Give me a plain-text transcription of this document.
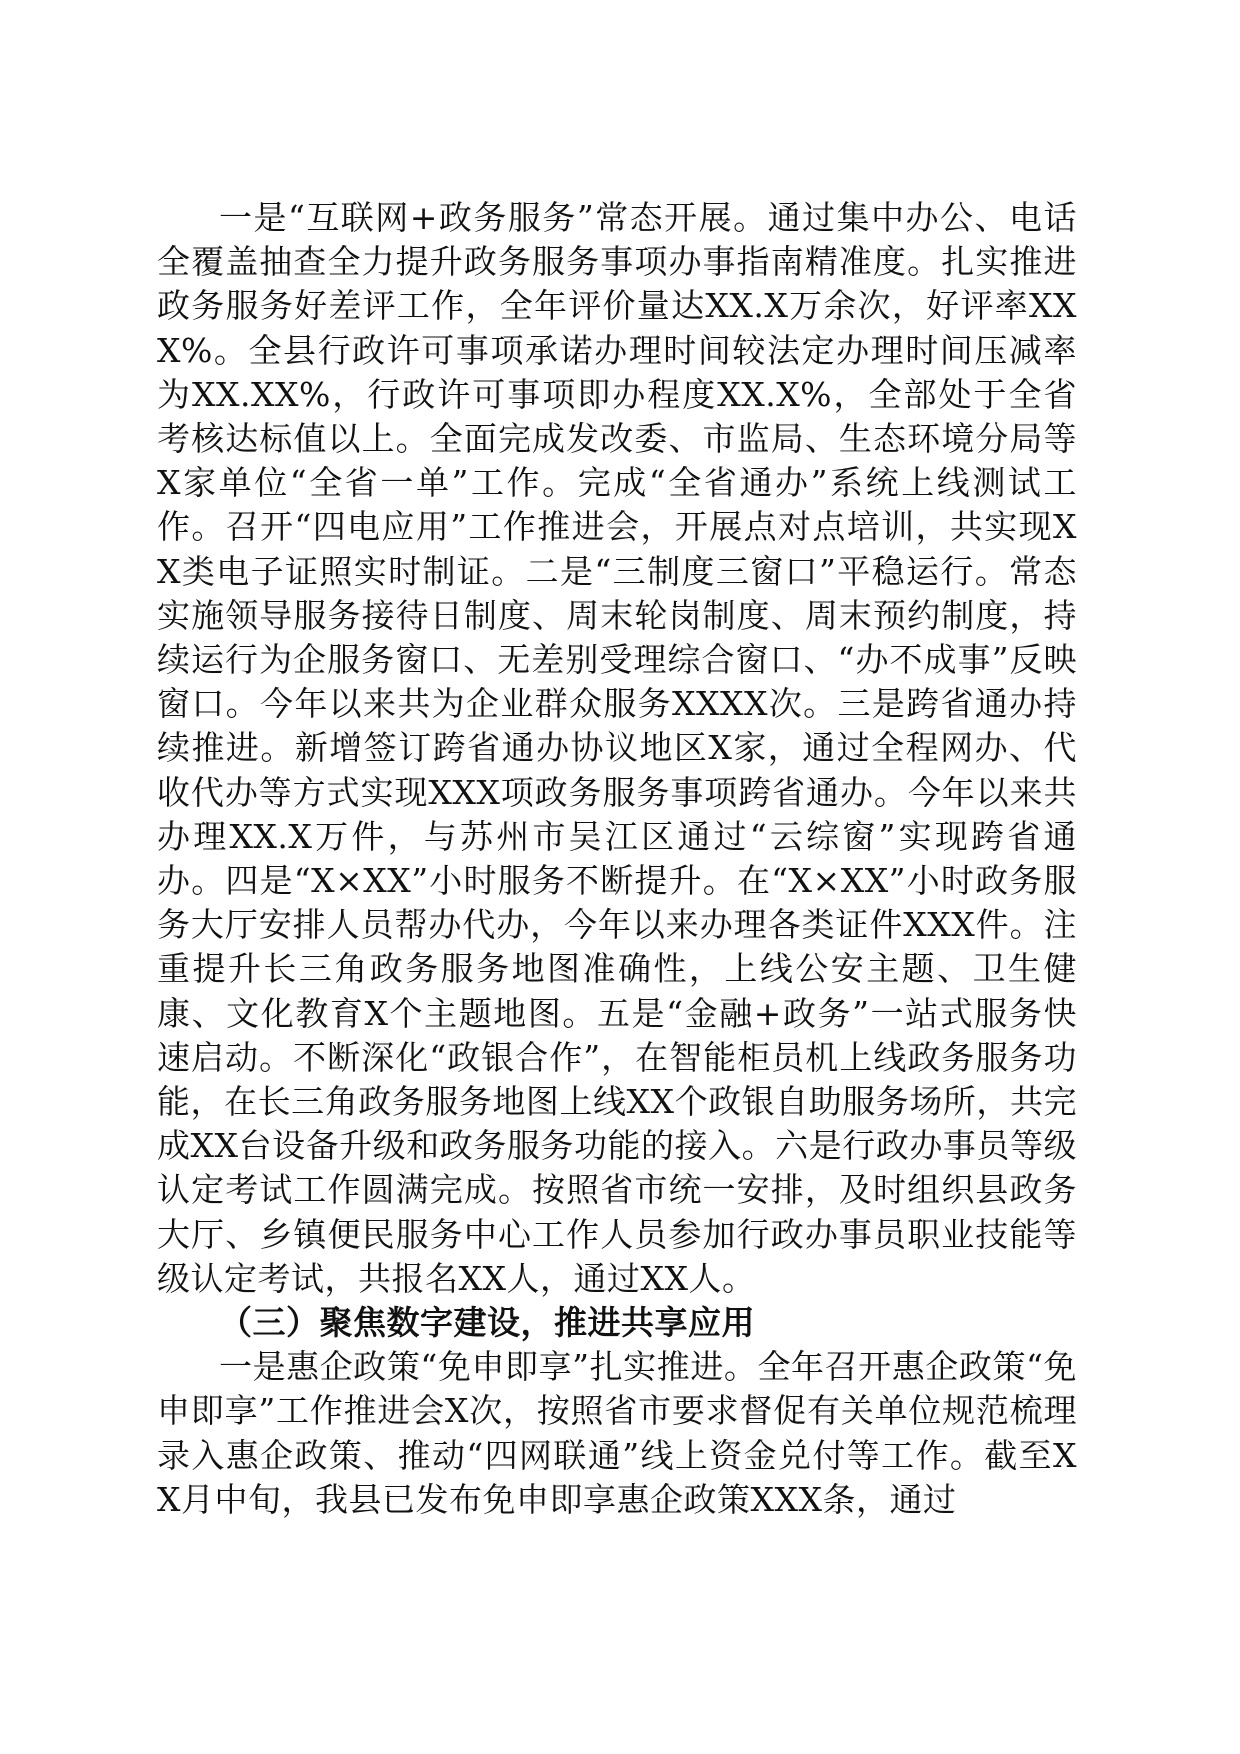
一是“互联网+政务服务”常态开展。通过集中办公、电话全覆盖抽查全力提升政务服务事项办事指南精准度。扎实推进政务服务好差评工作，全年评价量达XX.X万余次，好评率XXX%。全县行政许可事项承诺办理时间较法定办理时间压减率为XX.XX%，行政许可事项即办程度XX.X%，全部处于全省考核达标值以上。全面完成发改委、市监局、生态环境分局等X家单位“全省一单”工作。完成“全省通办”系统上线测试工作。召开“四电应用”工作推进会，开展点对点培训，共实现XX类电子证照实时制证。二是“三制度三窗口”平稳运行。常态实施领导服务接待日制度、周末轮岗制度、周末预约制度，持续运行为企服务窗口、无差别受理综合窗口、“办不成事”反映窗口。今年以来共为企业群众服务XXXX次。三是跨省通办持续推进。新增签订跨省通办协议地区X家，通过全程网办、代收代办等方式实现XXX项政务服务事项跨省通办。今年以来共办理XX.X万件，与苏州市吴江区通过“云综窗”实现跨省通办。四是“X×XX”小时服务不断提升。在“X×XX”小时政务服务大厅安排人员帮办代办，今年以来办理各类证件XXX件。注重提升长三角政务服务地图准确性，上线公安主题、卫生健康、文化教育X个主题地图。五是“金融+政务”一站式服务快速启动。不断深化“政银合作”，在智能柜员机上线政务服务功能，在长三角政务服务地图上线XX个政银自助服务场所，共完成XX台设备升级和政务服务功能的接入。六是行政办事员等级认定考试工作圆满完成。按照省市统一安排，及时组织县政务大厅、乡镇便民服务中心工作人员参加行政办事员职业技能等级认定考试，共报名XX人，通过XX人。

（三）聚焦数字建设，推进共享应用

一是惠企政策“免申即享”扎实推进。全年召开惠企政策“免申即享”工作推进会X次，按照省市要求督促有关单位规范梳理录入惠企政策、推动“四网联通”线上资金兑付等工作。截至XX月中旬，我县已发布免申即享惠企政策XXX条，通过
